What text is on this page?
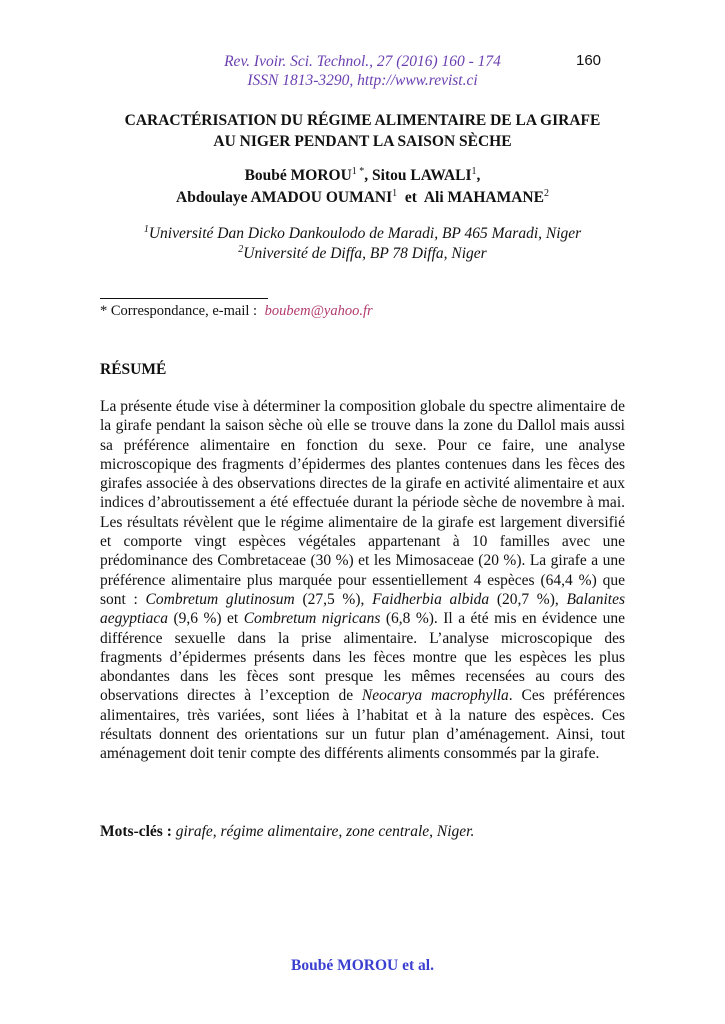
Rev. Ivoir. Sci. Technol., 27 (2016) 160 - 174
ISSN 1813-3290, http://www.revist.ci
160
CARACTÉRISATION DU RÉGIME ALIMENTAIRE DE LA GIRAFE
AU NIGER PENDANT LA SAISON SÈCHE
Boubé $MOROU^{1 *}$, Sitou LAWALI$^1$,
Abdoulaye AMADOU OUMANI$^1$  et  Ali MAHAMANE$^2$
$^1$Université Dan Dicko Dankoulodo de Maradi, BP 465 Maradi, Niger
$^2$Université de Diffa, BP 78 Diffa, Niger
* Correspondance, e-mail : boubem@yahoo.fr
RÉSUMÉ

La présente étude vise à déterminer la composition globale du spectre alimentaire de la girafe pendant la saison sèche où elle se trouve dans la zone du Dallol mais aussi sa préférence alimentaire en fonction du sexe. Pour ce faire, une analyse microscopique des fragments d’épidermes des plantes contenues dans les fèces des girafes associée à des observations directes de la girafe en activité alimentaire et aux indices d’abroutissement a été effectuée durant la période sèche de novembre à mai. Les résultats révèlent que le régime alimentaire de la girafe est largement diversifié et comporte vingt espèces végétales appartenant à 10 familles avec une prédominance des Combretaceae (30 %) et les Mimosaceae (20 %). La girafe a une préférence alimentaire plus marquée pour essentiellement 4 espèces (64,4 %) que sont : Combretum glutinosum (27,5 %), Faidherbia albida (20,7 %), Balanites aegyptiaca (9,6 %) et Combretum nigricans (6,8 %). Il a été mis en évidence une différence sexuelle dans la prise alimentaire. L’analyse microscopique des fragments d’épidermes présents dans les fèces montre que les espèces les plus abondantes dans les fèces sont presque les mêmes recensées au cours des observations directes à l’exception de Neocarya macrophylla. Ces préférences alimentaires, très variées, sont liées à l’habitat et à la nature des espèces. Ces résultats donnent des orientations sur un futur plan d’aménagement. Ainsi, tout aménagement doit tenir compte des différents aliments consommés par la girafe.

Mots-clés : girafe, régime alimentaire, zone centrale, Niger.
Boubé MOROU et al.
